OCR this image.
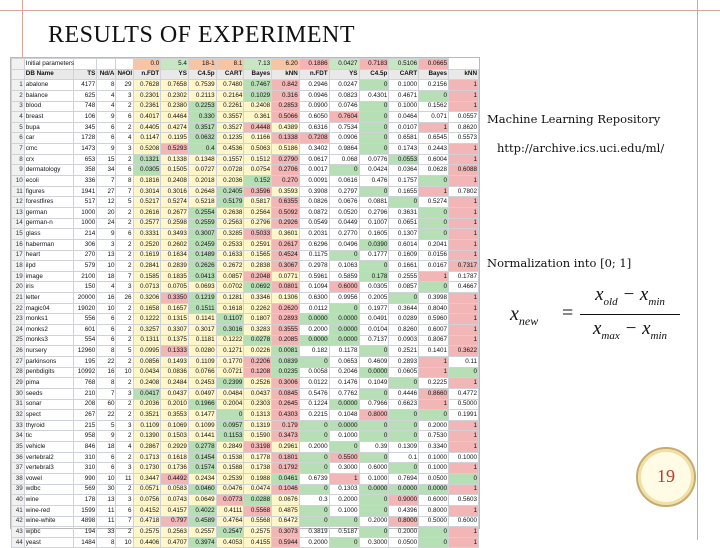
RESULTS OF EXPERIMENT
	Initial parameters				0.0	5.4	18-1	8.1	7.13	6.20	0.1886	0.0427	0.7183	0.5106	0.0665	
	DB Name	TS	Nd/A	N#Ol	n.FDT	YS	C4.5p	CART	Bayes	kNN	n.FDT	YS	C4.5p	CART	Bayes	kNN
1	abalone	4177	8	29	0.7628	0.7658	0.7539	0.7480	0.7467	0.842	0.2946	0.0247	0	0.1000	0.2156	1
2	balance	625	4	3	0.2301	0.2302	0.2113	0.2164	0.1029	0.316	0.0946	0.0823	0.4301	0.4671	0	1
3	blood	748	4	2	0.2361	0.2380	0.2253	0.2261	0.2408	0.2853	0.0900	0.0746	0	0.1000	0.1562	1
4	breast	106	9	6	0.4017	0.4464	0.330	0.3557	0.361	0.5066	0.6050	0.7604	0	0.0464	0.071	0.0557
5	bupa	345	6	2	0.4405	0.4274	0.3517	0.3527	0.4448	0.4389	0.6316	0.7534	0	0.0107	1	0.8620
6	car	1728	6	4	0.1147	0.1195	0.0632	0.1235	0.1166	0.1338	0.7208	0.0906	0	0.6581	0.6545	0.5573
7	cmc	1473	9	3	0.5208	0.5293	0.4	0.4536	0.5063	0.5186	0.3402	0.9864	0	0.1743	0.2443	1
8	crx	653	15	2	0.1321	0.1338	0.1348	0.1557	0.1512	0.2790	0.0617	0.068	0.0776	0.0553	0.6004	1
9	dermatology	358	34	6	0.0305	0.1505	0.0727	0.0728	0.0754	0.2706	0.0017	0	0.0424	0.0364	0.0628	0.6088
10	ecoli	336	7	8	0.1816	0.2408	0.2018	0.2036	0.152	0.270	0.0091	0.0616	0.476	0.1757	0	1
11	figures	1941	27	7	0.3014	0.3016	0.2648	0.2405	0.3596	0.3593	0.3908	0.2797	0	0.1655	1	0.7802
12	forestfires	517	12	5	0.5217	0.5274	0.5218	0.5179	0.5817	0.6355	0.0826	0.0676	0.0881	0	0.5274	1
13	german	1000	20	2	0.2616	0.2677	0.2554	0.2638	0.2564	0.5092	0.0872	0.0520	0.2796	0.3631	0	1
14	german-n	1000	24	2	0.2577	0.2598	0.2559	0.2563	0.2796	0.2926	0.0549	0.0449	0.1007	0.0651	0	1
15	glass	214	9	6	0.3331	0.3493	0.3007	0.3285	0.5033	0.3601	0.2031	0.2770	0.1605	0.1307	0	1
16	haberman	306	3	2	0.2520	0.2602	0.2459	0.2533	0.2591	0.2617	0.6296	0.0496	0.0390	0.6014	0.2041	1
17	heart	270	13	2	0.1619	0.1634	0.1489	0.1633	0.1565	0.4524	0.1175	0	0.1777	0.1609	0.0156	1
18	ilpd	579	10	2	0.2841	0.2839	0.2626	0.2672	0.2838	0.3067	0.2978	0.1063	0	0.1661	0.0167	0.7317
19	image	2100	18	7	0.1585	0.1835	0.0413	0.0857	0.2048	0.0771	0.5961	0.5859	0.178	0.2555	1	0.1787
20	iris	150	4	3	0.0713	0.0705	0.0693	0.0702	0.0692	0.0801	0.1094	0.6000	0.0305	0.0857	0	0.4667
21	letter	20000	16	26	0.3206	0.3350	0.1219	0.1281	0.3346	0.1306	0.6300	0.9956	0.2005	0	0.3998	1
22	magic04	19020	10	2	0.1658	0.1657	0.1511	0.1618	0.2262	0.2620	0.0112	0	0.1977	0.3644	0.8040	1
23	monks1	556	6	2	0.1222	0.1315	0.1141	0.1107	0.1807	0.2893	0.0000	0.0000	0.0491	0.0289	0.5960	1
24	monks2	601	6	2	0.3257	0.3307	0.3017	0.3016	0.3283	0.3555	0.2000	0.0000	0.0104	0.8260	0.6007	1
25	monks3	554	6	2	0.1311	0.1375	0.1181	0.1222	0.0278	0.2085	0.0000	0.0000	0.7137	0.0903	0.8067	1
26	nursery	12960	8	5	0.0995	0.1333	0.0280	0.1271	0.0226	0.0081	0.182	0.1178	0	0.2521	0.1401	0.3622
27	parkinsons	195	22	2	0.0856	0.1493	0.1109	0.1770	0.2206	0.0839	0	0.0653	0.4609	0.2893	1	0.11
28	penbdigits	10992	16	10	0.0434	0.0836	0.0766	0.0721	0.1208	0.0235	0.0058	0.2046	0.0000	0.0605	1	0
29	pima	768	8	2	0.2408	0.2484	0.2453	0.2399	0.2526	0.3006	0.0122	0.1476	0.1049	0	0.2225	1
30	seeds	210	7	3	0.0417	0.0437	0.0497	0.0484	0.0437	0.0845	0.5476	0.7762	0	0.4446	0.8660	0.4772
31	sonar	208	60	2	0.2036	0.2010	0.1966	0.2004	0.2303	0.2645	0.1224	0.0000	0.7966	0.6623	1	0.5000
32	spect	267	22	2	0.3521	0.3553	0.1477	0	0.1313	0.4303	0.2215	0.1048	0.8000	0	0	0.1991
33	thyroid	215	5	3	0.1109	0.1069	0.1099	0.0957	0.1319	0.179	0	0.0000	0	0	0.2000	1
34	tic	958	9	2	0.1390	0.1503	0.1441	0.1153	0.1590	0.3473	0	0.1000	0	0	0.7530	1
35	vehicle	846	18	4	0.2867	0.2929	0.2778	0.2849	0.3198	0.2961	0.2000	0	0.39	0.1309	0.3340	1
36	vertebral2	310	6	2	0.1713	0.1618	0.1454	0.1538	0.1778	0.1801	0	0.5500	0	0.1	0.1000	0.1000
37	vertebral3	310	6	3	0.1730	0.1736	0.1574	0.1588	0.1738	0.1792	0	0.3000	0.6000	0	0.1000	1
38	vowel	990	10	11	0.3447	0.4492	0.2434	0.2539	0.1988	0.0461	0.6739	1	0.1000	0.7694	0.0500	0
39	wdbc	569	30	2	0.0571	0.0583	0.0460	0.0476	0.0474	0.1046	0	0.1303	0.0000	0.0000	0.0000	1
40	wine	178	13	3	0.0756	0.0743	0.0649	0.0773	0.0288	0.0676	0.3	0.2000	0	0.9000	0.6000	0.5603
41	wine-red	1599	11	6	0.4152	0.4157	0.4022	0.4111	0.5568	0.4875	0	0.1000	0	0.4396	0.8000	1
42	wine-white	4898	11	7	0.4718	0.797	0.4589	0.4764	0.5568	0.6472	0	0	0.2000	0.8000	0.5000	0.6000
43	wpbc	194	33	2	0.2575	0.2563	0.2557	0.2547	0.2575	0.3073	0.3819	0.5187	0	0.2000	0	1
44	yeast	1484	8	10	0.4406	0.4707	0.3974	0.4053	0.4155	0.5944	0.2000	0	0.3000	0.0500	0	1
Machine Learning Repository
http://archive.ics.uci.edu/ml/
Normalization into [0; 1]
$x_{new}$ =
$x_{old} - x_{min}$
$x_{max} - x_{min}$
19
